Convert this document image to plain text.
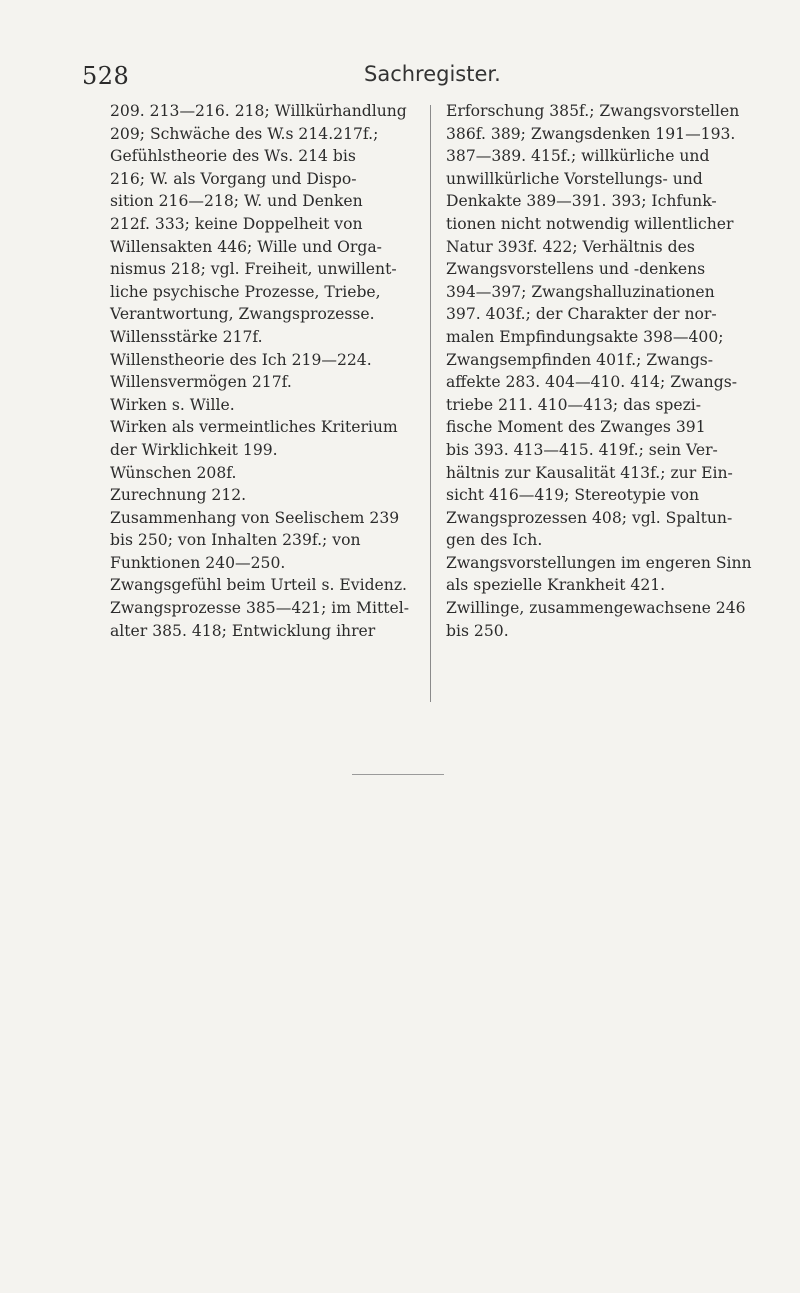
528	Sachregister.
209. 213—216. 218; Willkürhandlung
209; Schwäche des W.s 214.217f.;
Gefühlstheorie des Ws. 214 bis
216; W. als Vorgang und Dispo-
sition 216—218; W. und Denken
212f. 333; keine Doppelheit von
Willensakten 446; Wille und Orga-
nismus 218; vgl. Freiheit, unwillent-
liche psychische Prozesse, Triebe,
Verantwortung, Zwangsprozesse.
Willensstärke 217f.
Willenstheorie des Ich 219—224.
Willensvermögen 217f.
Wirken s. Wille.
Wirken als vermeintliches Kriterium
der Wirklichkeit 199.
Wünschen 208f.
Zurechnung 212.
Zusammenhang von Seelischem 239
bis 250; von Inhalten 239f.; von
Funktionen 240—250.
Zwangsgefühl beim Urteil s. Evidenz.
Zwangsprozesse 385—421; im Mittel-
alter 385. 418; Entwicklung ihrer
Erforschung 385f.; Zwangsvorstellen
386f. 389; Zwangsdenken 191—193.
387—389. 415f.; willkürliche und
unwillkürliche Vorstellungs- und
Denkakte 389—391. 393; Ichfunk-
tionen nicht notwendig willentlicher
Natur 393f. 422; Verhältnis des
Zwangsvorstellens und -denkens
394—397; Zwangshalluzinationen
397. 403f.; der Charakter der nor-
malen Empfindungsakte 398—400;
Zwangsempfinden 401f.; Zwangs-
affekte 283. 404—410. 414; Zwangs-
triebe 211. 410—413; das spezi-
fische Moment des Zwanges 391
bis 393. 413—415. 419f.; sein Ver-
hältnis zur Kausalität 413f.; zur Ein-
sicht 416—419; Stereotypie von
Zwangsprozessen 408; vgl. Spaltun-
gen des Ich.
Zwangsvorstellungen im engeren Sinn
als spezielle Krankheit 421.
Zwillinge, zusammengewachsene 246
bis 250.
